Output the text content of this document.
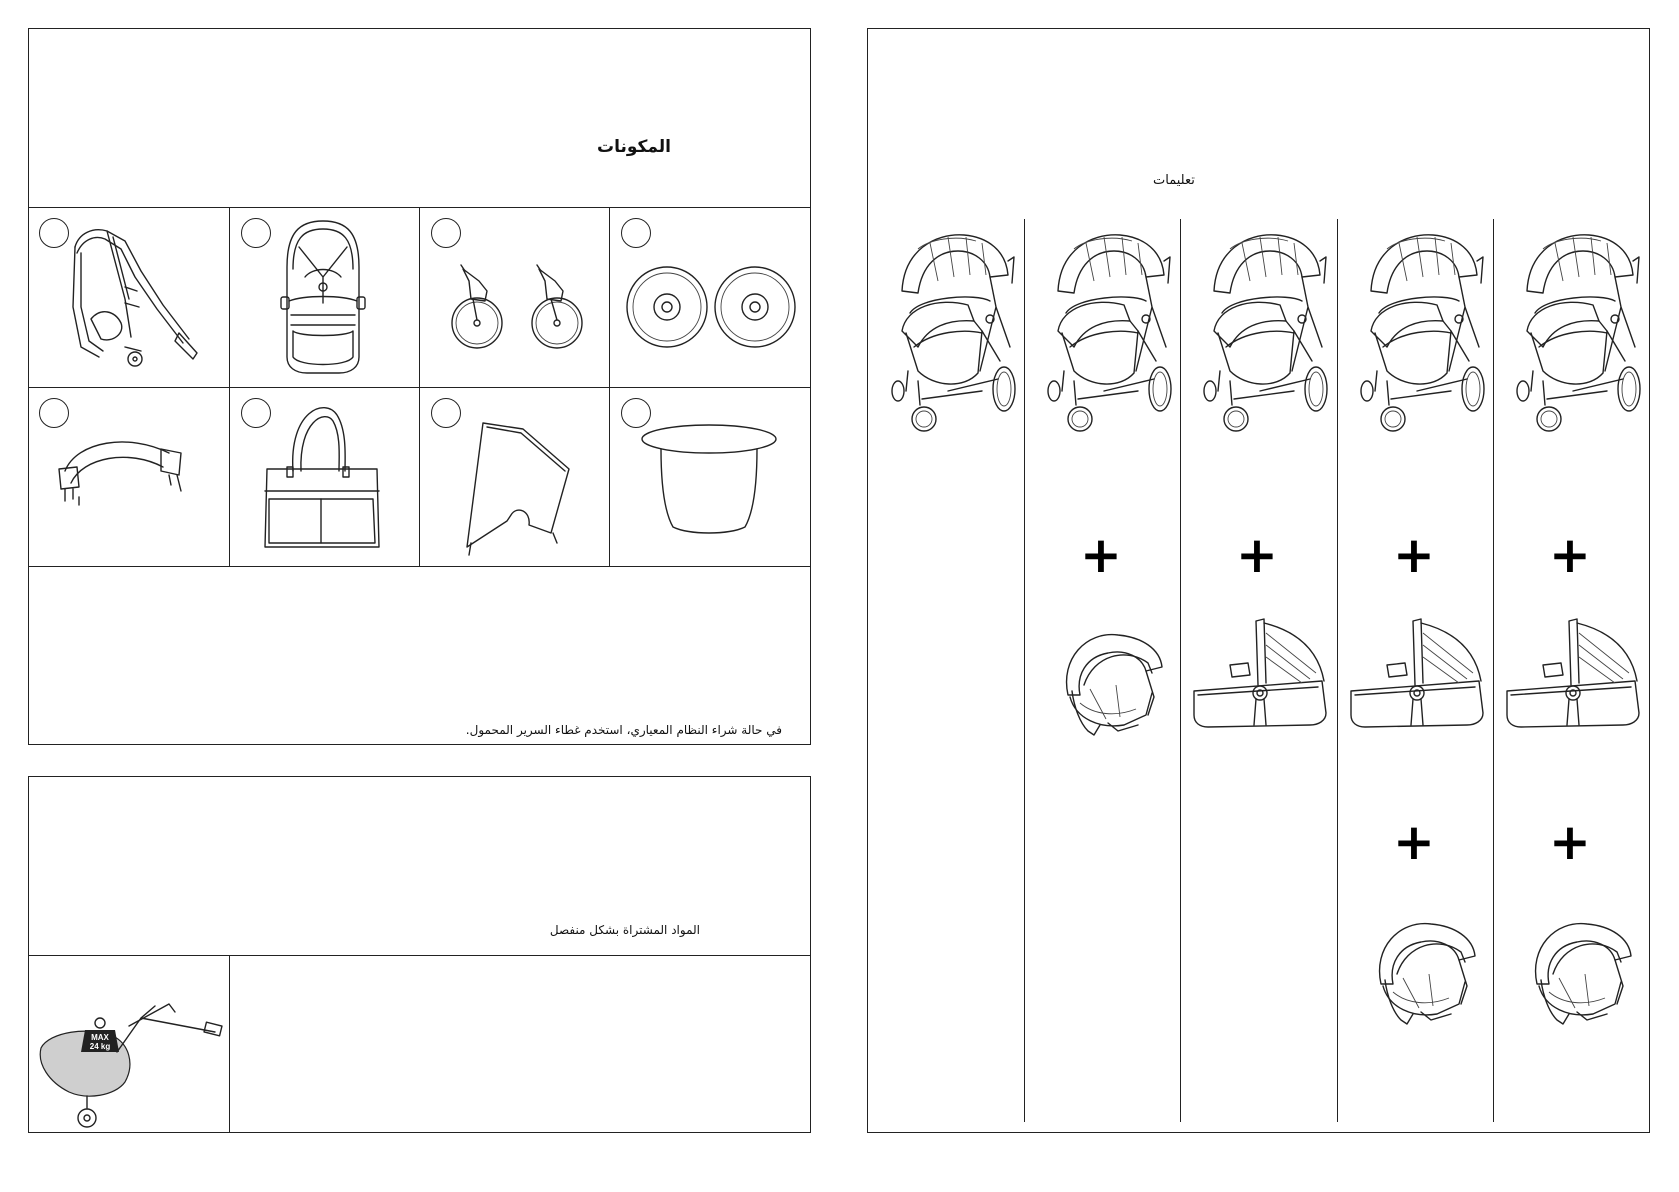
المكونات
في حالة شراء النظام المعياري، استخدم غطاء السرير المحمول.
المواد المشتراة بشكل منفصل
MAX
24 kg
تعليمات
+ + +
+
+
+
